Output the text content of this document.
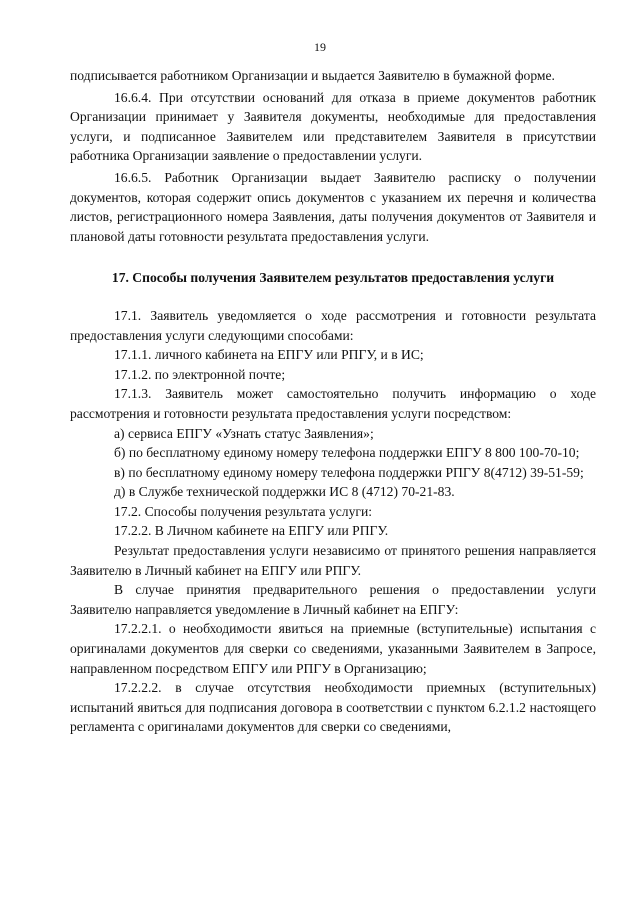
19

подписывается работником Организации и выдается Заявителю в бумажной форме.

16.6.4. При отсутствии оснований для отказа в приеме документов работник Организации принимает у Заявителя документы, необходимые для предоставления услуги, и подписанное Заявителем или представителем Заявителя в присутствии работника Организации заявление о предоставлении услуги.

16.6.5. Работник Организации выдает Заявителю расписку о получении документов, которая содержит опись документов с указанием их перечня и количества листов, регистрационного номера Заявления, даты получения документов от Заявителя и плановой даты готовности результата предоставления услуги.

17. Способы получения Заявителем результатов предоставления услуги

17.1. Заявитель уведомляется о ходе рассмотрения и готовности результата предоставления услуги следующими способами:

17.1.1. личного кабинета на ЕПГУ или РПГУ, и в ИС;

17.1.2. по электронной почте;

17.1.3. Заявитель может самостоятельно получить информацию о ходе рассмотрения и готовности результата предоставления услуги посредством:

а) сервиса ЕПГУ «Узнать статус Заявления»;

б) по бесплатному единому номеру телефона поддержки ЕПГУ 8 800 100-70-10;

в) по бесплатному единому номеру телефона поддержки РПГУ 8(4712) 39-51-59;

д) в Службе технической поддержки ИС 8 (4712) 70-21-83.

17.2. Способы получения результата услуги:

17.2.2. В Личном кабинете на ЕПГУ или РПГУ.

Результат предоставления услуги независимо от принятого решения направляется Заявителю в Личный кабинет на ЕПГУ или РПГУ.

В случае принятия предварительного решения о предоставлении услуги Заявителю направляется уведомление в Личный кабинет на ЕПГУ:

17.2.2.1. о необходимости явиться на приемные (вступительные) испытания с оригиналами документов для сверки со сведениями, указанными Заявителем в Запросе, направленном посредством ЕПГУ или РПГУ в Организацию;

17.2.2.2. в случае отсутствия необходимости приемных (вступительных) испытаний явиться для подписания договора в соответствии с пунктом 6.2.1.2 настоящего регламента с оригиналами документов для сверки со сведениями,
